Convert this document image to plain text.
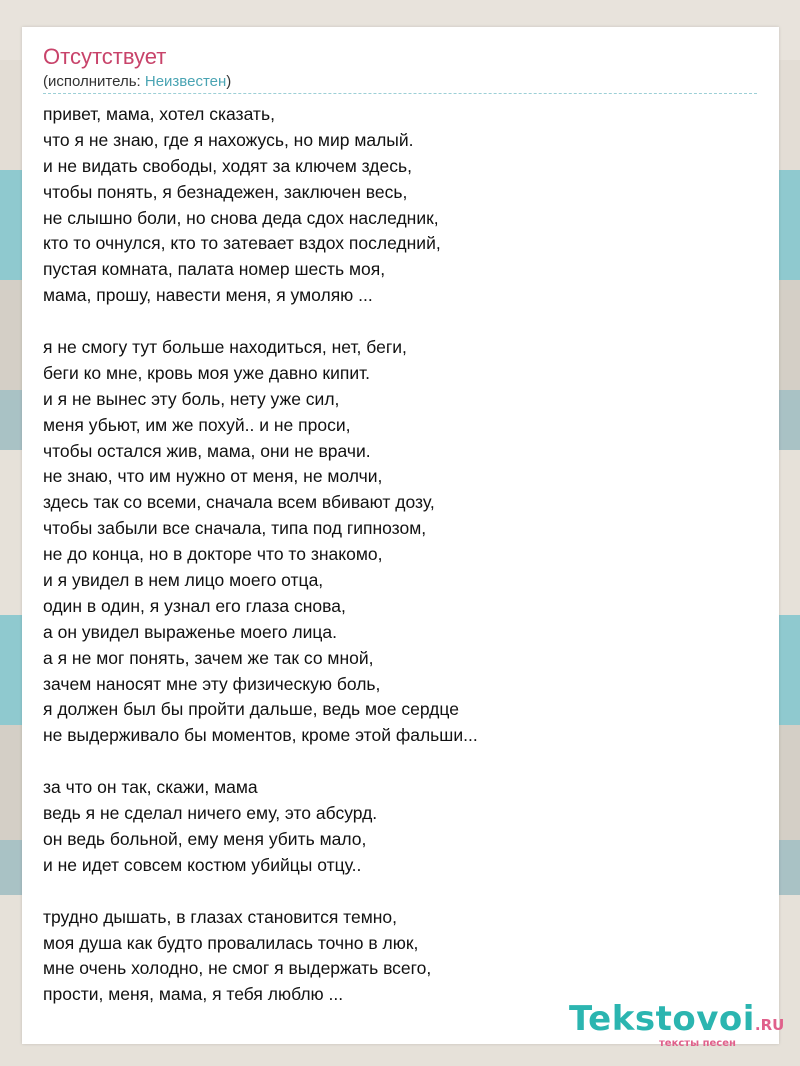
Отсутствует
(исполнитель: Неизвестен)
привет, мама, хотел сказать,
что я не знаю, где я нахожусь, но мир малый.
и не видать свободы, ходят за ключем здесь,
чтобы понять, я безнадежен, заключен весь,
не слышно боли, но снова деда сдох наследник,
кто то очнулся, кто то затевает вздох последний,
пустая комната, палата номер шесть моя,
мама, прошу, навести меня, я умоляю ...
я не смогу тут больше находиться, нет, беги,
беги ко мне, кровь моя уже давно кипит.
и я не вынес эту боль, нету уже сил,
меня убьют, им же похуй.. и не проси,
чтобы остался жив, мама, они не врачи.
не знаю, что им нужно от меня, не молчи,
здесь так со всеми, сначала всем вбивают дозу,
чтобы забыли все сначала, типа под гипнозом,
не до конца, но в докторе что то знакомо,
и я увидел в нем лицо моего отца,
один в один, я узнал его глаза снова,
а он увидел выраженье моего лица.
а я не мог понять, зачем же так со мной,
зачем наносят мне эту физическую боль,
я должен был бы пройти дальше, ведь мое сердце
не выдерживало бы моментов, кроме этой фальши...
за что он так, скажи, мама
ведь я не сделал ничего ему, это абсурд.
он ведь больной, ему меня убить мало,
и не идет совсем костюм убийцы отцу..
трудно дышать, в глазах становится темно,
моя душа как будто провалилась точно в люк,
мне очень холодно, не смог я выдержать всего,
прости, меня, мама, я тебя люблю ...
Tekstovoi.RU
тексты песен
